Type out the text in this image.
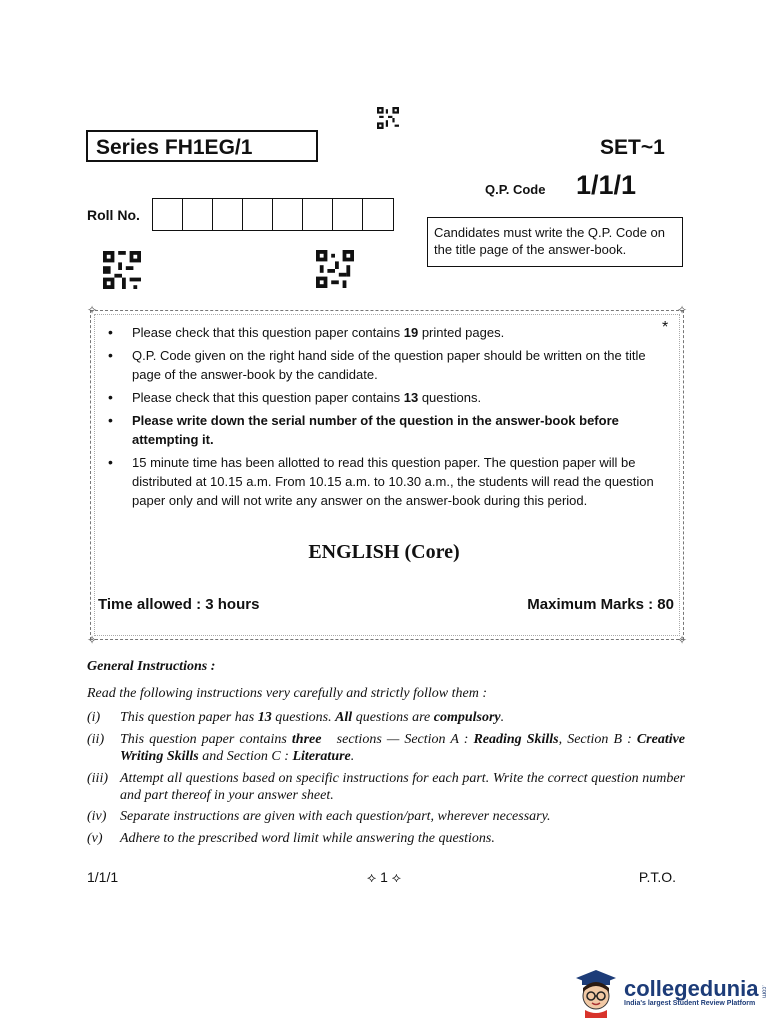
Series FH1EG/1	SET~1
Q.P. Code 1/1/1
Roll No.
Candidates must write the Q.P. Code on the title page of the answer-book.
✧	✧
✧	✧
*
• Please check that this question paper contains 19 printed pages.
• Q.P. Code given on the right hand side of the question paper should be written on the title page of the answer-book by the candidate.
• Please check that this question paper contains 13 questions.
• Please write down the serial number of the question in the answer-book before attempting it.
• 15 minute time has been allotted to read this question paper. The question paper will be distributed at 10.15 a.m. From 10.15 a.m. to 10.30 a.m., the students will read the question paper only and will not write any answer on the answer-book during this period.
ENGLISH (Core)
Time allowed : 3 hours	Maximum Marks : 80
General Instructions :
Read the following instructions very carefully and strictly follow them :
(i) This question paper has 13 questions. All questions are compulsory.
(ii) This question paper contains three   sections — Section A : Reading Skills, Section B : Creative Writing Skills and Section C : Literature.
(iii) Attempt all questions based on specific instructions for each part. Write the correct question number and part thereof in your answer sheet.
(iv) Separate instructions are given with each question/part, wherever necessary.
(v) Adhere to the prescribed word limit while answering the questions.
1/1/1	⟡ 1 ⟡	P.T.O.
collegedunia
India's largest Student Review Platform
.com
